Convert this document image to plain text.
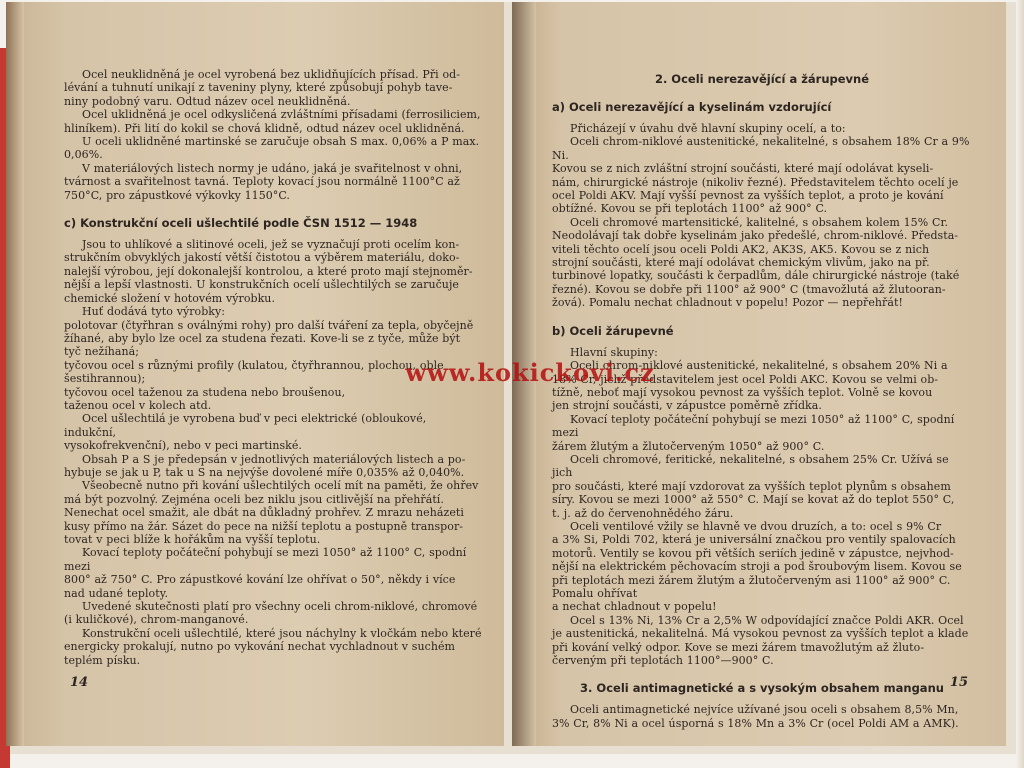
Ocel neuklidněná je ocel vyrobená bez uklidňujících přísad. Při od-
lévání a tuhnutí unikají z taveniny plyny, které způsobují pohyb tave-
niny podobný varu. Odtud název ocel neuklidněná.
Ocel uklidněná je ocel odkysličená zvláštními přísadami (ferrosiliciem,
hliníkem). Při lití do kokil se chová klidně, odtud název ocel uklidněná.
U oceli uklidněné martinské se zaručuje obsah S max. 0,06% a P max.
0,06%.
V materiálových listech normy je udáno, jaká je svařitelnost v ohni,
tvárnost a svařitelnost tavná. Teploty kovací jsou normálně 1100°C až
750°C, pro zápustkové výkovky 1150°C.
c) Konstrukční oceli ušlechtilé podle ČSN 1512 — 1948
Jsou to uhlíkové a slitinové oceli, jež se vyznačují proti ocelím kon-
strukčním obvyklých jakostí větší čistotou a výběrem materiálu, doko-
nalejší výrobou, její dokonalejší kontrolou, a které proto mají stejnoměr-
nější a lepší vlastnosti. U konstrukčních ocelí ušlechtilých se zaručuje
chemické složení v hotovém výrobku.
Huť dodává tyto výrobky:
polotovar (čtyřhran s oválnými rohy) pro další tváření za tepla, obyčejně
žíhané, aby bylo lze ocel za studena řezati. Kove-li se z tyče, může být
tyč nežíhaná;
tyčovou ocel s různými profily (kulatou, čtyřhrannou, plochou, oble
šestihrannou);
tyčovou ocel taženou za studena nebo broušenou,
taženou ocel v kolech atd.
Ocel ušlechtilá je vyrobena buď v peci elektrické (obloukové, indukční,
vysokofrekvenční), nebo v peci martinské.
Obsah P a S je předepsán v jednotlivých materiálových listech a po-
hybuje se jak u P, tak u S na nejvýše dovolené míře 0,035% až 0,040%.
Všeobecně nutno při kování ušlechtilých ocelí mít na paměti, že ohřev
má být pozvolný. Zejména oceli bez niklu jsou citlivější na přehřátí.
Nenechat ocel smažit, ale dbát na důkladný prohřev. Z mrazu neházeti
kusy přímo na žár. Sázet do pece na nižší teplotu a postupně transpor-
tovat v peci blíže k hořákům na vyšší teplotu.
Kovací teploty počáteční pohybují se mezi 1050° až 1100° C, spodní mezi
800° až 750° C. Pro zápustkové kování lze ohřívat o 50°, někdy i více
nad udané teploty.
Uvedené skutečnosti platí pro všechny oceli chrom-niklové, chromové
(i kuličkové), chrom-manganové.
Konstrukční oceli ušlechtilé, které jsou náchylny k vločkám nebo které
energicky prokalují, nutno po vykování nechat vychladnout v suchém
teplém písku.
14
2. Oceli nerezavějící a žárupevné
a) Oceli nerezavějící a kyselinám vzdorující
Přicházejí v úvahu dvě hlavní skupiny ocelí, a to:
Oceli chrom-niklové austenitické, nekalitelné, s obsahem 18% Cr a 9% Ni.
Kovou se z nich zvláštní strojní součásti, které mají odolávat kyseli-
nám, chirurgické nástroje (nikoliv řezné). Představitelem těchto ocelí je
ocel Poldi AKV. Mají vyšší pevnost za vyšších teplot, a proto je kování
obtížné. Kovou se při teplotách 1100° až 900° C.
Oceli chromové martensitické, kalitelné, s obsahem kolem 15% Cr.
Neodolávají tak dobře kyselinám jako předešlé, chrom-niklové. Předsta-
viteli těchto ocelí jsou oceli Poldi AK2, AK3S, AK5. Kovou se z nich
strojní součásti, které mají odolávat chemickým vlivům, jako na př.
turbinové lopatky, součásti k čerpadlům, dále chirurgické nástroje (také
řezné). Kovou se dobře při 1100° až 900° C (tmavožlutá až žlutooran-
žová). Pomalu nechat chladnout v popelu! Pozor — nepřehřát!
b) Oceli žárupevné
Hlavní skupiny:
Oceli chrom-niklové austenitické, nekalitelné, s obsahem 20% Ni a
18% Cr, jichž představitelem jest ocel Poldi AKC. Kovou se velmi ob-
tížně, neboť mají vysokou pevnost za vyšších teplot. Volně se kovou
jen strojní součásti, v zápustce poměrně zřídka.
Kovací teploty počáteční pohybují se mezi 1050° až 1100° C, spodní mezi
žárem žlutým a žlutočerveným 1050° až 900° C.
Oceli chromové, feritické, nekalitelné, s obsahem 25% Cr. Užívá se jich
pro součásti, které mají vzdorovat za vyšších teplot plynům s obsahem
síry. Kovou se mezi 1000° až 550° C. Mají se kovat až do teplot 550° C,
t. j. až do červenohnědého žáru.
Oceli ventilové vžily se hlavně ve dvou druzích, a to: ocel s 9% Cr
a 3% Si, Poldi 702, která je universální značkou pro ventily spalovacích
motorů. Ventily se kovou při větších seriích jedině v zápustce, nejvhod-
nější na elektrickém pěchovacím stroji a pod šroubovým lisem. Kovou se
při teplotách mezi žárem žlutým a žlutočerveným asi 1100° až 900° C. Pomalu ohřívat
a nechat chladnout v popelu!
Ocel s 13% Ni, 13% Cr a 2,5% W odpovídající značce Poldi AKR. Ocel
je austenitická, nekalitelná. Má vysokou pevnost za vyšších teplot a klade
při kování velký odpor. Kove se mezi žárem tmavožlutým až žluto-
červeným při teplotách 1100°—900° C.
3. Oceli antimagnetické a s vysokým obsahem manganu
Oceli antimagnetické nejvíce užívané jsou oceli s obsahem 8,5% Mn,
3% Cr, 8% Ni a ocel úsporná s 18% Mn a 3% Cr (ocel Poldi AM a AMK).
15
www.kokickovi.cz
